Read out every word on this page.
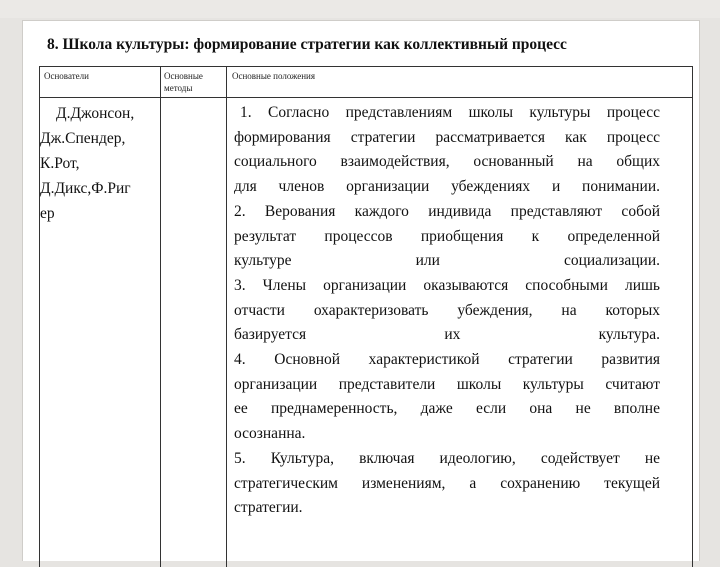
8. Школа культуры: формирование стратегии как коллективный процесс
Основатели	Основные методы
Основные положения
Д.Джонсон,
Дж.Спендер,
К.Рот,
Д.Дикс,Ф.Риг
ер
1. Согласно представлениям школы культуры процесс
формирования стратегии рассматривается как процесс
социального взаимодействия, основанный на общих
для членов организации убеждениях и понимании.
2. Верования каждого индивида представляют собой
результат процессов приобщения к определенной
культуре или социализации.
3. Члены организации оказываются способными лишь
отчасти охарактеризовать убеждения, на которых
базируется их культура.
4. Основной характеристикой стратегии развития
организации представители школы культуры считают
ее преднамеренность, даже если она не вполне
осознанна.
5. Культура, включая идеологию, содействует не
стратегическим изменениям, а сохранению текущей
стратегии.
